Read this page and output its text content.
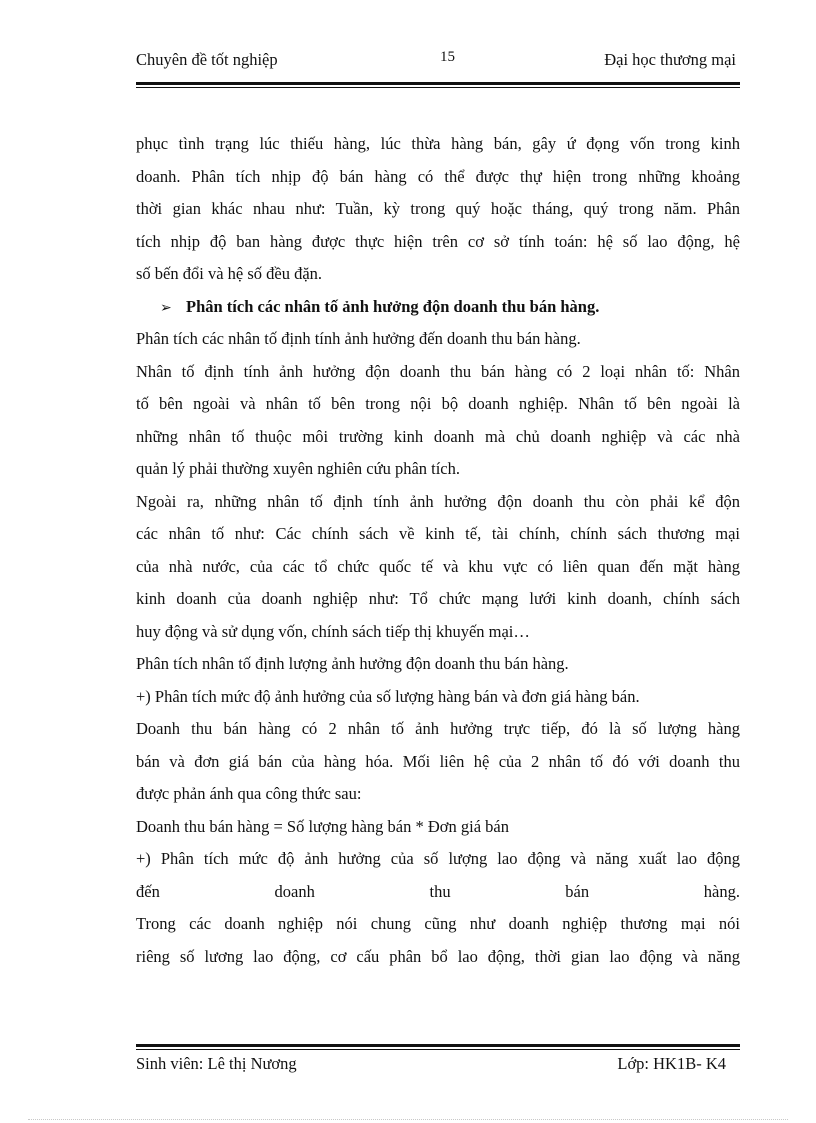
Chuyên đề tốt nghiệp	15	Đại học thương mại
phục tình trạng lúc thiếu hàng, lúc thừa hàng bán, gây ứ đọng vốn trong kinh
doanh. Phân tích nhịp độ bán hàng có thể được thự hiện trong những khoảng
thời gian khác nhau như: Tuần, kỳ trong quý hoặc tháng, quý trong năm. Phân
tích nhịp độ ban hàng được thực hiện trên cơ sở tính toán: hệ số lao động, hệ
số bến đổi và hệ số đều đặn.
➢ Phân tích các nhân tố ảnh hưởng độn doanh thu bán hàng.
Phân tích các nhân tố định tính ảnh hưởng đến doanh thu bán hàng.
Nhân tố định tính ảnh hưởng độn doanh thu bán hàng có 2 loại nhân tố: Nhân
tố bên ngoài và nhân tố bên trong nội bộ doanh nghiệp. Nhân tố bên ngoài là
những nhân tố thuộc môi trường kinh doanh mà chủ doanh nghiệp và các nhà
quản lý phải thường xuyên nghiên cứu phân tích.
Ngoài ra, những nhân tố định tính ảnh hưởng độn doanh thu còn phải kể độn
các nhân tố như: Các chính sách về kinh tế, tài chính, chính sách thương mại
của nhà nước, của các tổ chức quốc tế và khu vực có liên quan đến mặt hàng
kinh doanh của doanh nghiệp như: Tổ chức mạng lưới kinh doanh, chính sách
huy động và sử dụng vốn, chính sách tiếp thị khuyến mại…
Phân tích nhân tố định lượng ảnh hưởng độn doanh thu bán hàng.
+) Phân tích mức độ ảnh hưởng của số lượng hàng bán và đơn giá hàng bán.
Doanh thu bán hàng có 2 nhân tố ảnh hưởng trực tiếp, đó là số lượng hàng
bán và đơn giá bán của hàng hóa. Mối liên hệ của 2 nhân tố đó với doanh thu
được phản ánh qua công thức sau:
Doanh thu bán hàng = Số lượng hàng bán * Đơn giá bán
+) Phân tích mức độ ảnh hưởng của số lượng lao động và năng xuất lao động
đến doanh thu bán hàng.
Trong các doanh nghiệp nói chung cũng như doanh nghiệp thương mại nói
riêng số lương lao động, cơ cấu phân bổ lao động, thời gian lao động và năng
Sinh viên: Lê thị Nương	Lớp: HK1B- K4
